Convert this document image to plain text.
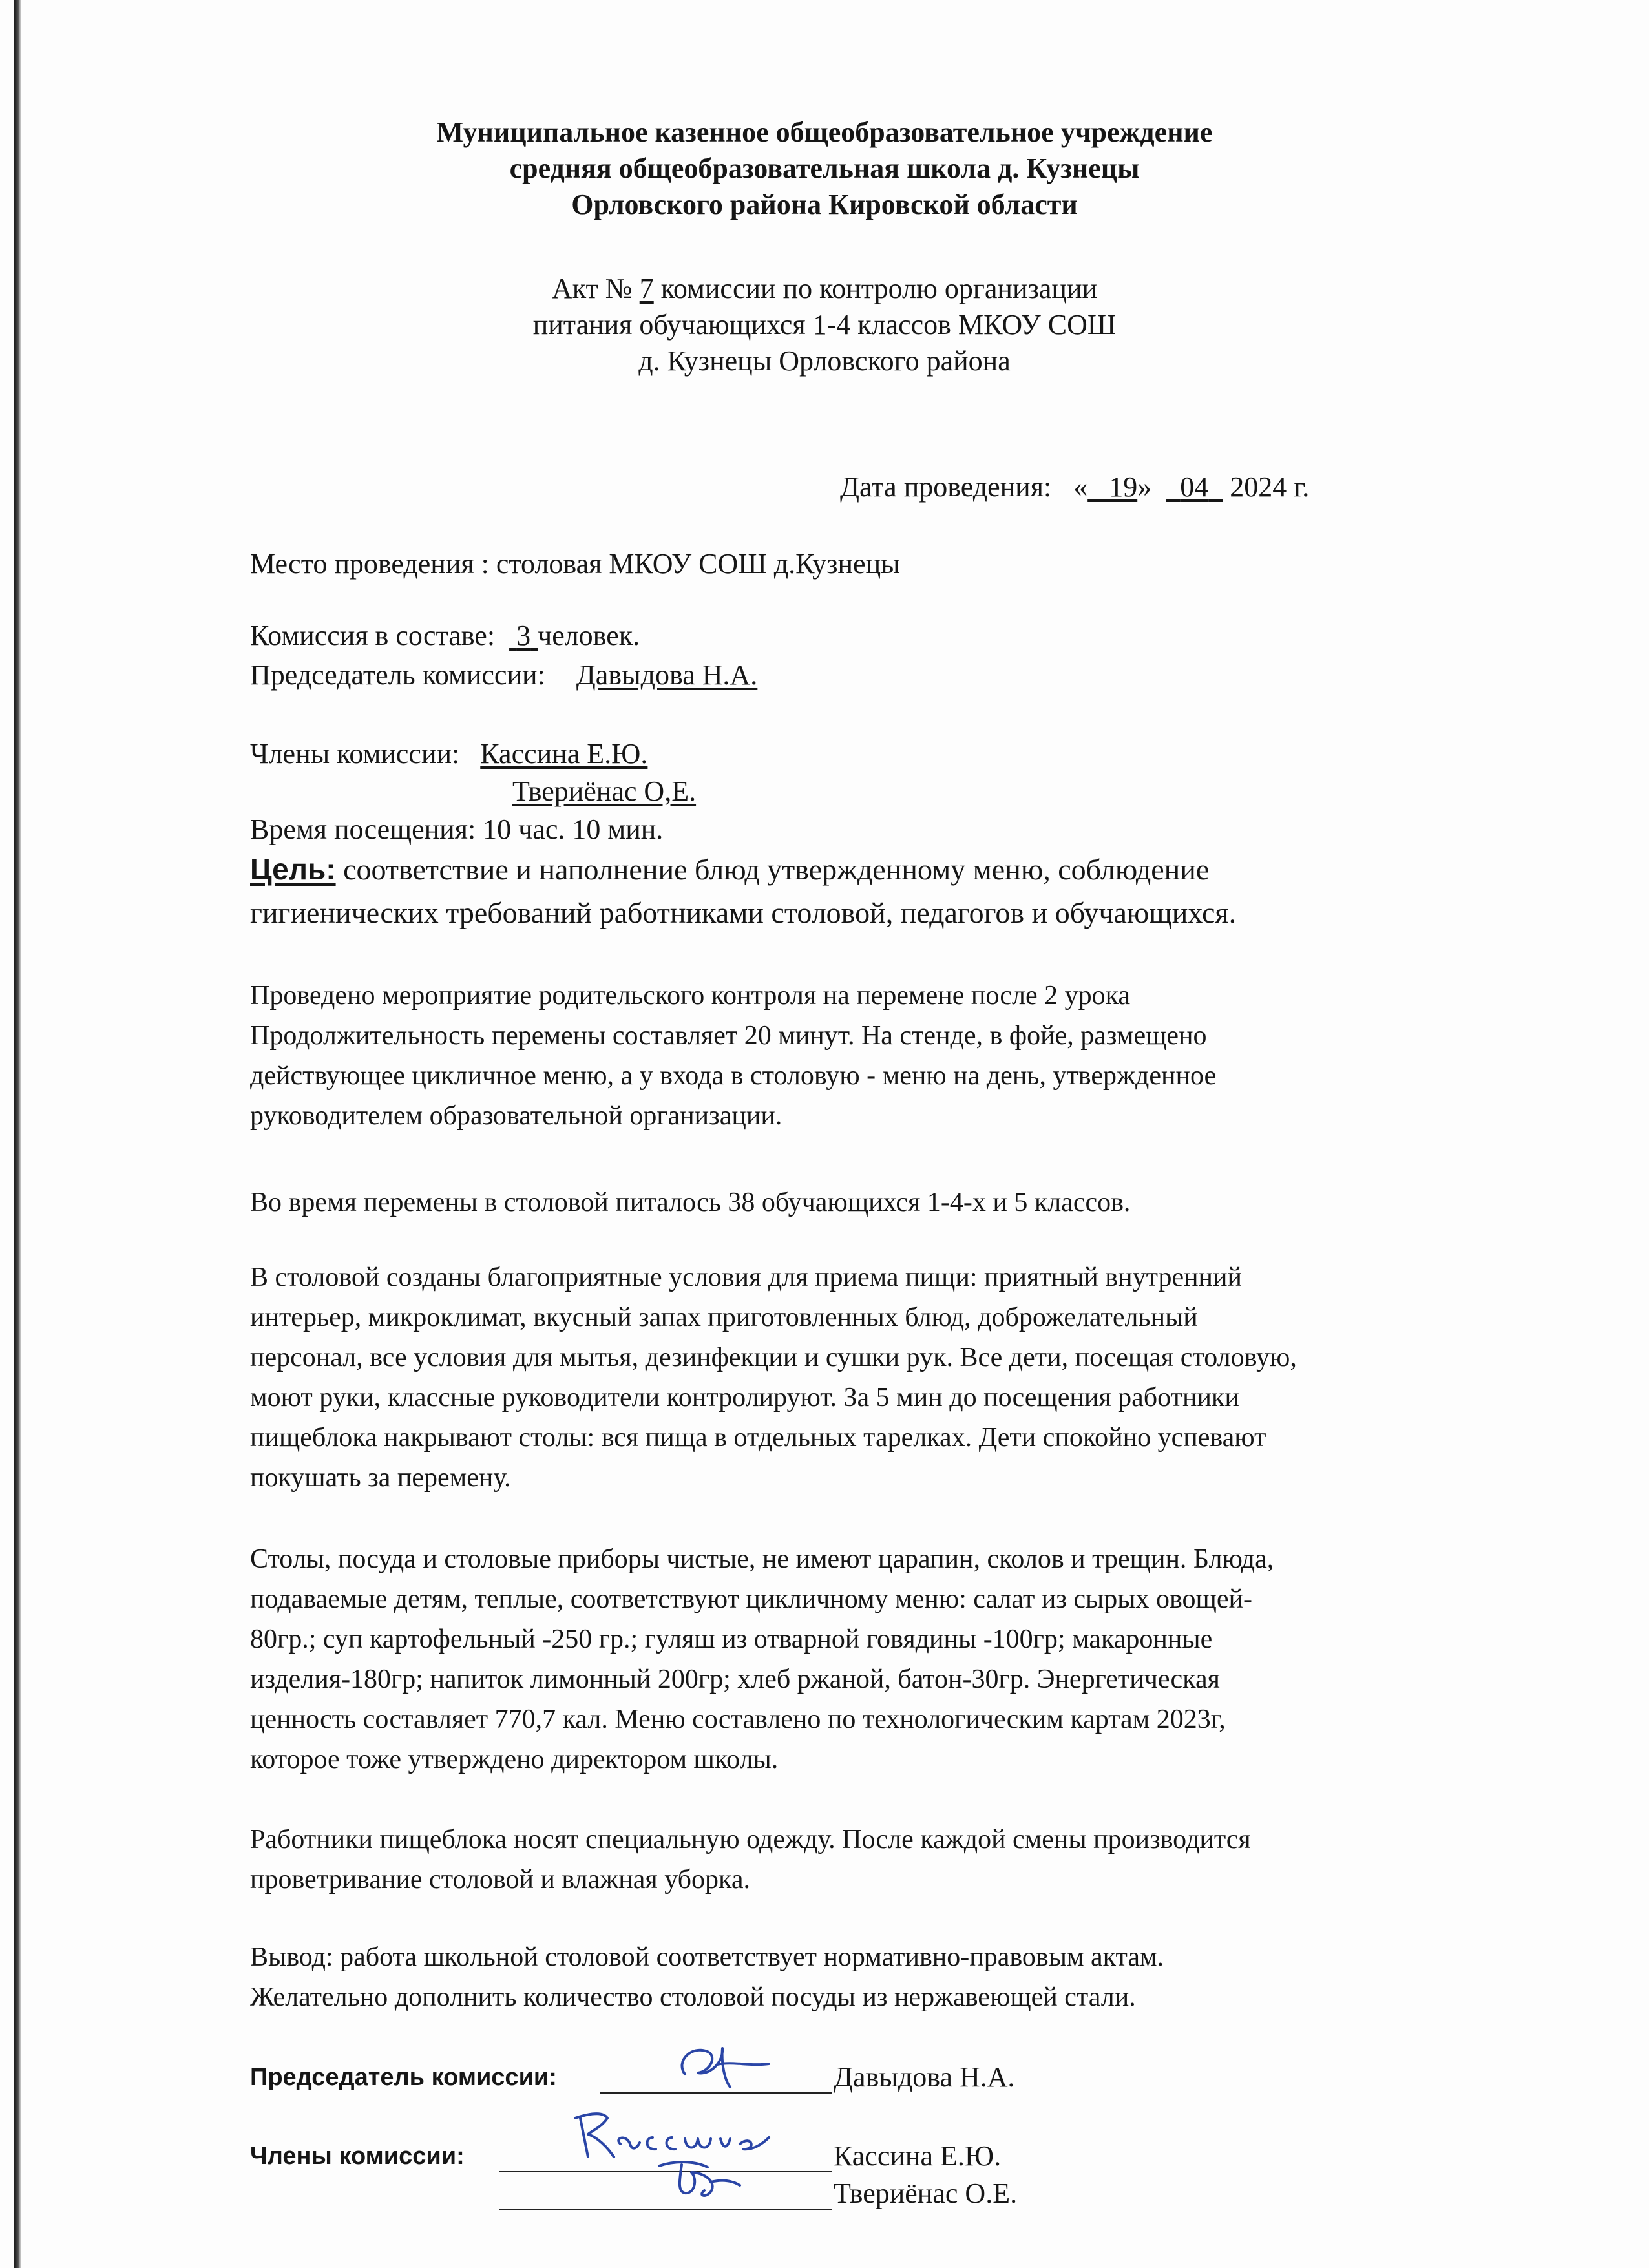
Муниципальное казенное общеобразовательное учреждение
средняя общеобразовательная школа д. Кузнецы
Орловского района Кировской области
Акт № 7 комиссии по контролю организации
питания обучающихся 1-4 классов МКОУ СОШ
д. Кузнецы Орловского района
Дата проведения: « 19» 04 2024 г.
Место проведения : столовая МКОУ СОШ д.Кузнецы
Комиссия в составе: 3 человек.
Председатель комиссии: Давыдова Н.А.
Члены комиссии: Кассина Е.Ю.
Твериёнас О,Е.
Время посещения: 10 час. 10 мин.
Цель: соответствие и наполнение блюд утвержденному меню, соблюдение
гигиенических требований работниками столовой, педагогов и обучающихся.
Проведено мероприятие родительского контроля на перемене после 2 урока
Продолжительность перемены составляет 20 минут. На стенде, в фойе, размещено
действующее цикличное меню, а у входа в столовую - меню на день, утвержденное
руководителем образовательной организации.
Во время перемены в столовой питалось 38 обучающихся 1-4-х и 5 классов.
В столовой созданы благоприятные условия для приема пищи: приятный внутренний
интерьер, микроклимат, вкусный запах приготовленных блюд, доброжелательный
персонал, все условия для мытья, дезинфекции и сушки рук. Все дети, посещая столовую,
моют руки, классные руководители контролируют. За 5 мин до посещения работники
пищеблока накрывают столы: вся пища в отдельных тарелках. Дети спокойно успевают
покушать за перемену.
Столы, посуда и столовые приборы чистые, не имеют царапин, сколов и трещин. Блюда,
подаваемые детям, теплые, соответствуют цикличному меню: салат из сырых овощей-
80гр.; суп картофельный -250 гр.; гуляш из отварной говядины -100гр; макаронные
изделия-180гр; напиток лимонный 200гр; хлеб ржаной, батон-30гр. Энергетическая
ценность составляет 770,7 кал. Меню составлено по технологическим картам 2023г,
которое тоже утверждено директором школы.
Работники пищеблока носят специальную одежду. После каждой смены производится
проветривание столовой и влажная уборка.
Вывод: работа школьной столовой соответствует нормативно-правовым актам.
Желательно дополнить количество столовой посуды из нержавеющей стали.
Председатель комиссии:	Давыдова Н.А.
Члены комиссии:	Кассина Е.Ю.
Твериёнас О.Е.
